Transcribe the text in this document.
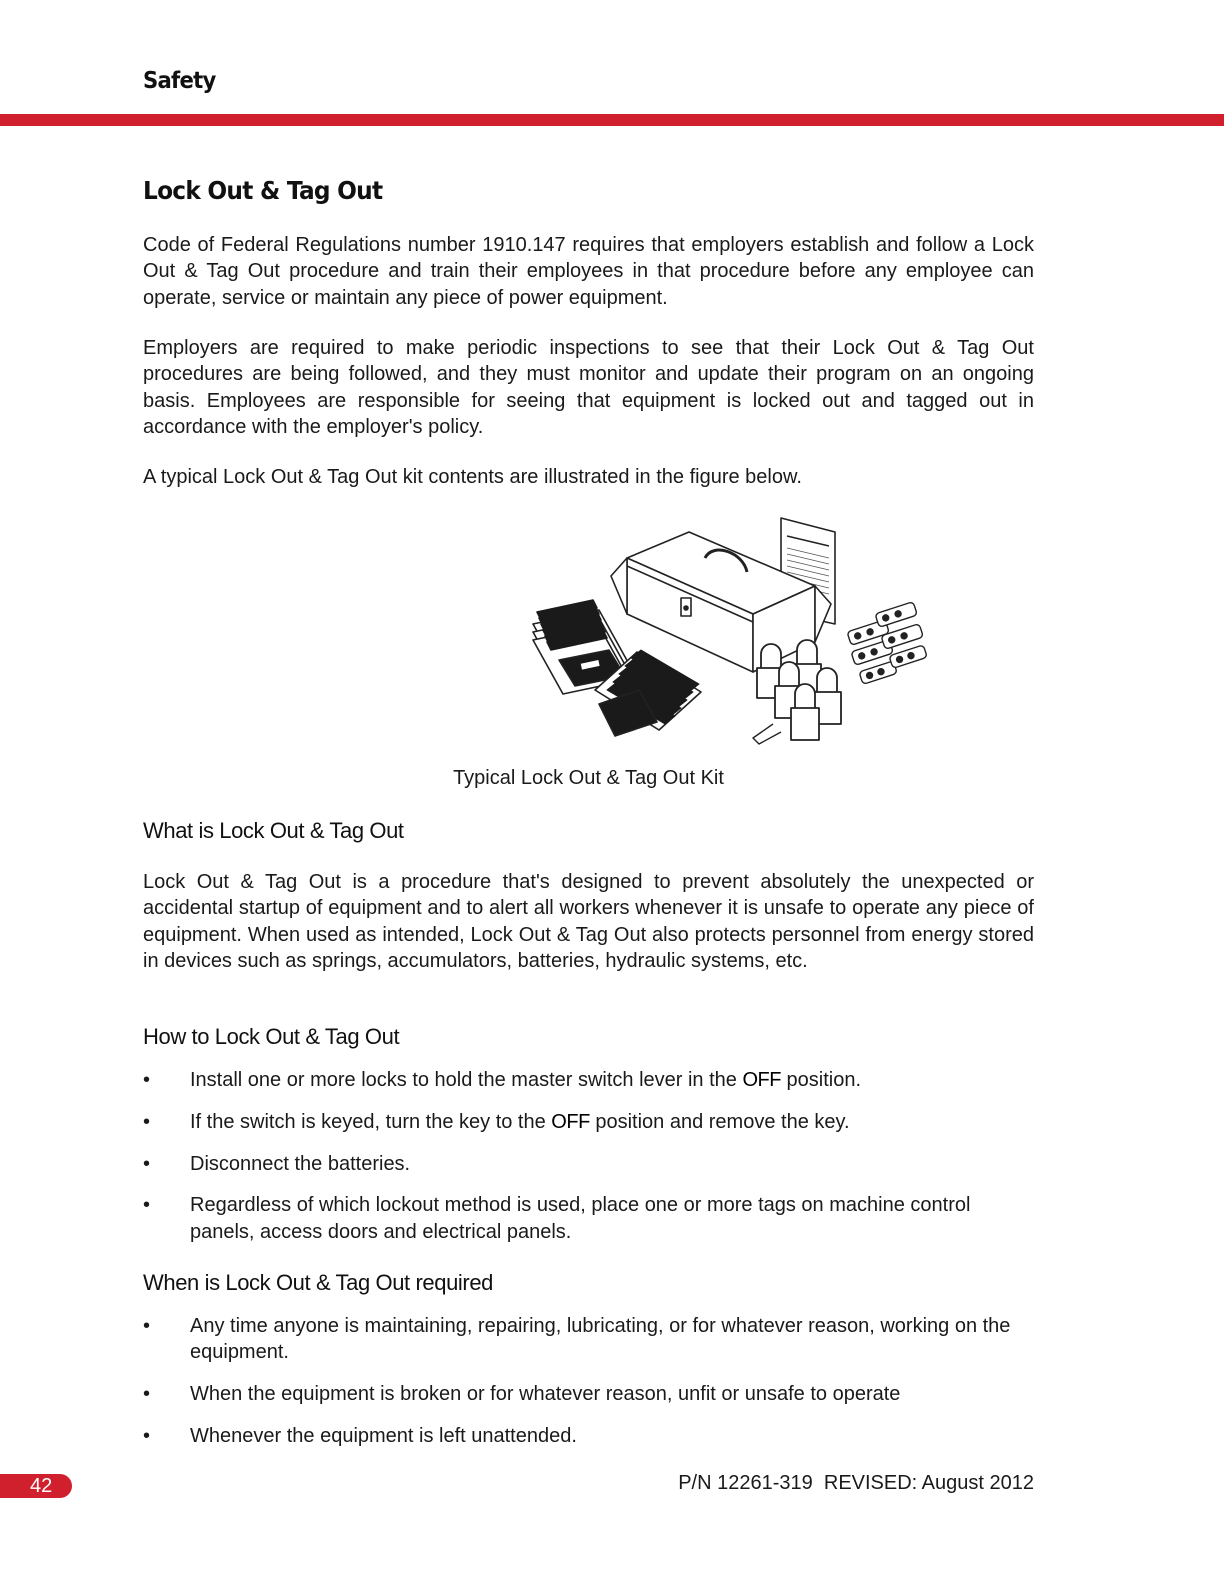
Safety
Lock Out & Tag Out

Code of Federal Regulations number 1910.147 requires that employers establish and follow a Lock Out & Tag Out procedure and train their employees in that procedure before any employee can operate, service or maintain any piece of power equipment.

Employers are required to make periodic inspections to see that their Lock Out & Tag Out procedures are being followed, and they must monitor and update their program on an ongoing basis. Employees are responsible for seeing that equipment is locked out and tagged out in accordance with the employer's policy.

A typical Lock Out & Tag Out kit contents are illustrated in the figure below.

Typical Lock Out & Tag Out Kit

What is Lock Out & Tag Out

Lock Out & Tag Out is a procedure that's designed to prevent absolutely the unexpected or accidental startup of equipment and to alert all workers whenever it is unsafe to operate any piece of equipment. When used as intended, Lock Out & Tag Out also protects personnel from energy stored in devices such as springs, accumulators, batteries, hydraulic systems, etc.

How to Lock Out & Tag Out
• Install one or more locks to hold the master switch lever in the OFF position.
• If the switch is keyed, turn the key to the OFF position and remove the key.
• Disconnect the batteries.
• Regardless of which lockout method is used, place one or more tags on machine control panels, access doors and electrical panels.
When is Lock Out & Tag Out required
• Any time anyone is maintaining, repairing, lubricating, or for whatever reason, working on the equipment.
• When the equipment is broken or for whatever reason, unfit or unsafe to operate
• Whenever the equipment is left unattended.
42	P/N 12261-319  REVISED: August 2012
